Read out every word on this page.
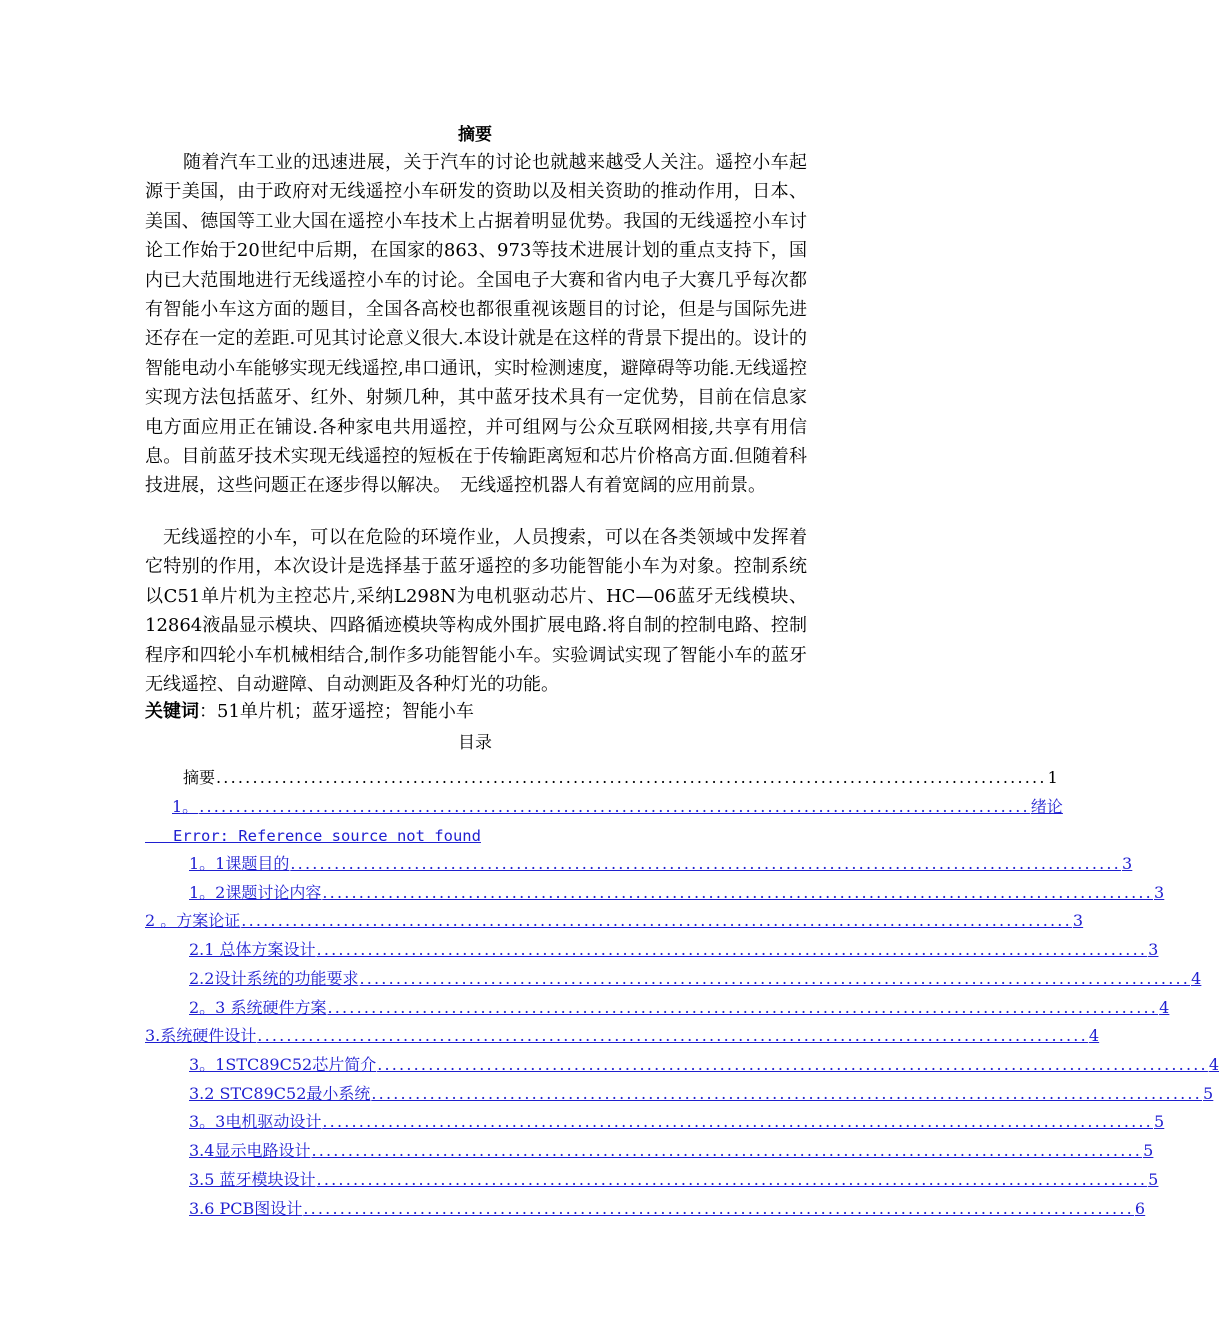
摘要

随着汽车工业的迅速进展，关于汽车的讨论也就越来越受人关注。遥控小车起源于美国，由于政府对无线遥控小车研发的资助以及相关资助的推动作用，日本、美国、德国等工业大国在遥控小车技术上占据着明显优势。我国的无线遥控小车讨论工作始于20世纪中后期，在国家的863、973等技术进展计划的重点支持下，国内已大范围地进行无线遥控小车的讨论。全国电子大赛和省内电子大赛几乎每次都有智能小车这方面的题目，全国各高校也都很重视该题目的讨论，但是与国际先进还存在一定的差距.可见其讨论意义很大.本设计就是在这样的背景下提出的。设计的智能电动小车能够实现无线遥控,串口通讯，实时检测速度，避障碍等功能.无线遥控实现方法包括蓝牙、红外、射频几种，其中蓝牙技术具有一定优势，目前在信息家电方面应用正在铺设.各种家电共用遥控，并可组网与公众互联网相接,共享有用信息。目前蓝牙技术实现无线遥控的短板在于传输距离短和芯片价格高方面.但随着科技进展，这些问题正在逐步得以解决。　无线遥控机器人有着宽阔的应用前景。

无线遥控的小车，可以在危险的环境作业，人员搜索，可以在各类领域中发挥着它特别的作用，本次设计是选择基于蓝牙遥控的多功能智能小车为对象。控制系统以C51单片机为主控芯片,采纳L298N为电机驱动芯片、HC—06蓝牙无线模块、12864液晶显示模块、四路循迹模块等构成外围扩展电路.将自制的控制电路、控制程序和四轮小车机械相结合,制作多功能智能小车。实验调试实现了智能小车的蓝牙无线遥控、自动避障、自动测距及各种灯光的功能。

关键词：51单片机；蓝牙遥控；智能小车
目录
摘要 .................................................................................................................. 1
1。 .................................................................................................................. 绪论
Error: Reference source not found
1。1课题目的 .................................................................................................................. 3
1。2课题讨论内容 .................................................................................................................. 3
2 。方案论证 .................................................................................................................. 3
2.1 总体方案设计 .................................................................................................................. 3
2.2设计系统的功能要求 .................................................................................................................. 4
2。3 系统硬件方案 .................................................................................................................. 4
3.系统硬件设计 .................................................................................................................. 4
3。1STC89C52芯片简介 .................................................................................................................. 4
3.2 STC89C52最小系统 .................................................................................................................. 5
3。3电机驱动设计 .................................................................................................................. 5
3.4显示电路设计 .................................................................................................................. 5
3.5 蓝牙模块设计 .................................................................................................................. 5
3.6 PCB图设计 .................................................................................................................. 6
